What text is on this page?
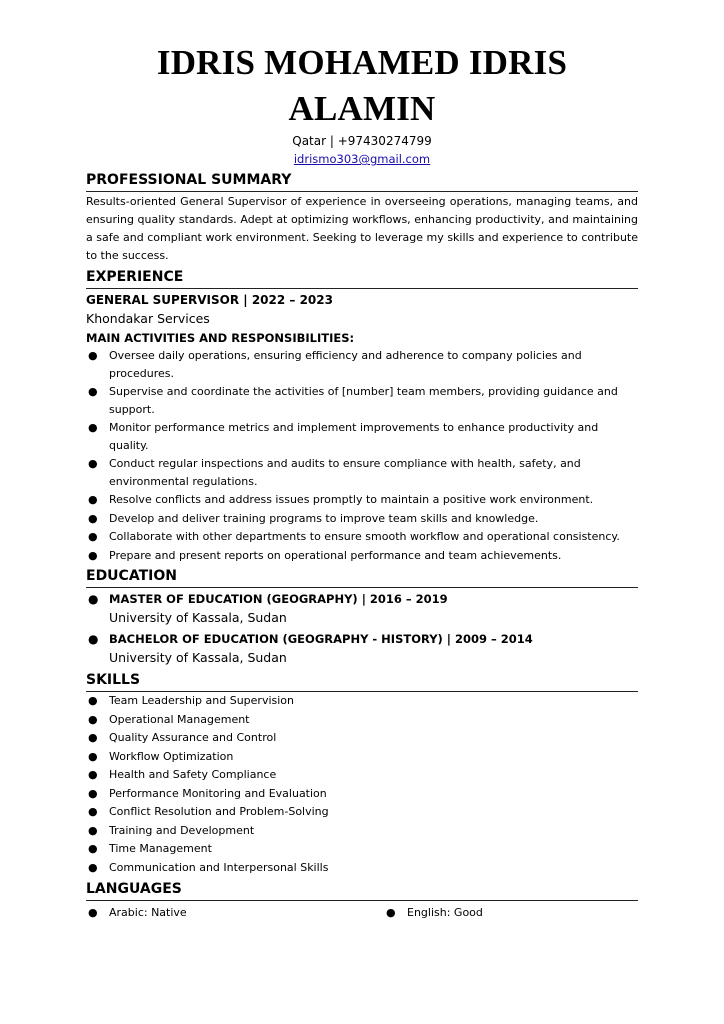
IDRIS MOHAMED IDRIS ALAMIN
Qatar | +97430274799
idrismo303@gmail.com
PROFESSIONAL SUMMARY
Results-oriented General Supervisor of experience in overseeing operations, managing teams, and ensuring quality standards. Adept at optimizing workflows, enhancing productivity, and maintaining a safe and compliant work environment. Seeking to leverage my skills and experience to contribute to the success.
EXPERIENCE
GENERAL SUPERVISOR | 2022 – 2023
Khondakar Services
MAIN ACTIVITIES AND RESPONSIBILITIES:
● Oversee daily operations, ensuring efficiency and adherence to company policies and procedures.
● Supervise and coordinate the activities of [number] team members, providing guidance and support.
● Monitor performance metrics and implement improvements to enhance productivity and quality.
● Conduct regular inspections and audits to ensure compliance with health, safety, and environmental regulations.
● Resolve conflicts and address issues promptly to maintain a positive work environment.
● Develop and deliver training programs to improve team skills and knowledge.
● Collaborate with other departments to ensure smooth workflow and operational consistency.
● Prepare and present reports on operational performance and team achievements.
EDUCATION
● MASTER OF EDUCATION (GEOGRAPHY) | 2016 – 2019
University of Kassala, Sudan
● BACHELOR OF EDUCATION (GEOGRAPHY - HISTORY) | 2009 – 2014
University of Kassala, Sudan
SKILLS
● Team Leadership and Supervision
● Operational Management
● Quality Assurance and Control
● Workflow Optimization
● Health and Safety Compliance
● Performance Monitoring and Evaluation
● Conflict Resolution and Problem-Solving
● Training and Development
● Time Management
● Communication and Interpersonal Skills
LANGUAGES
● Arabic: Native	● English: Good
